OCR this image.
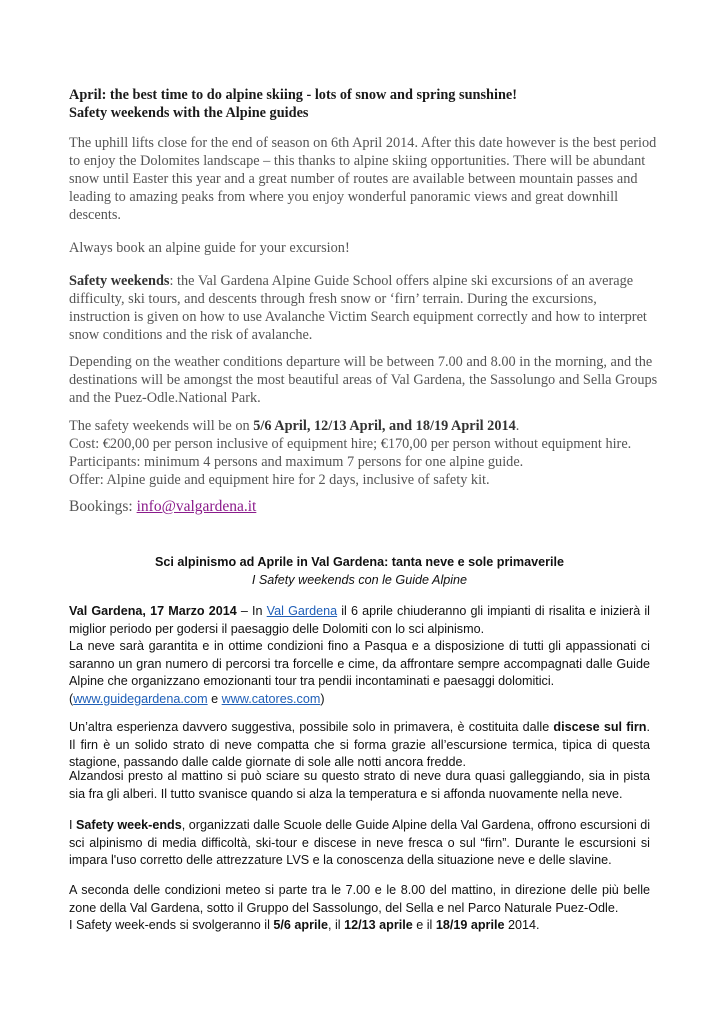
April: the best time to do alpine skiing - lots of snow and spring sunshine!
Safety weekends with the Alpine guides

The uphill lifts close for the end of season on 6th April 2014. After this date however is the best period to enjoy the Dolomites landscape – this thanks to alpine skiing opportunities. There will be abundant snow until Easter this year and a great number of routes are available between mountain passes and leading to amazing peaks from where you enjoy wonderful panoramic views and great downhill descents.

Always book an alpine guide for your excursion!

Safety weekends: the Val Gardena Alpine Guide School offers alpine ski excursions of an average difficulty, ski tours, and descents through fresh snow or ‘firn’ terrain. During the excursions, instruction is given on how to use Avalanche Victim Search equipment correctly and how to interpret snow conditions and the risk of avalanche.

Depending on the weather conditions departure will be between 7.00 and 8.00 in the morning, and the destinations will be amongst the most beautiful areas of Val Gardena, the Sassolungo and Sella Groups and the Puez-Odle.National Park.

The safety weekends will be on 5/6 April, 12/13 April, and 18/19 April 2014.
Cost: €200,00 per person inclusive of equipment hire; €170,00 per person without equipment hire.
Participants: minimum 4 persons and maximum 7 persons for one alpine guide.
Offer: Alpine guide and equipment hire for 2 days, inclusive of safety kit.

Bookings: info@valgardena.it

Sci alpinismo ad Aprile in Val Gardena: tanta neve e sole primaverile
I Safety weekends con le Guide Alpine

Val Gardena, 17 Marzo 2014 – In Val Gardena il 6 aprile chiuderanno gli impianti di risalita e inizierà il miglior periodo per godersi il paesaggio delle Dolomiti con lo sci alpinismo.

La neve sarà garantita e in ottime condizioni fino a Pasqua e a disposizione di tutti gli appassionati ci saranno un gran numero di percorsi tra forcelle e cime, da affrontare sempre accompagnati dalle Guide Alpine che organizzano emozionanti tour tra pendii incontaminati e paesaggi dolomitici.
(www.guidegardena.com e www.catores.com)

Un’altra esperienza davvero suggestiva, possibile solo in primavera, è costituita dalle discese sul firn. Il firn è un solido strato di neve compatta che si forma grazie all’escursione termica, tipica di questa stagione, passando dalle calde giornate di sole alle notti ancora fredde.

Alzandosi presto al mattino si può sciare su questo strato di neve dura quasi galleggiando, sia in pista sia fra gli alberi. Il tutto svanisce quando si alza la temperatura e si affonda nuovamente nella neve.

I Safety week-ends, organizzati dalle Scuole delle Guide Alpine della Val Gardena, offrono escursioni di sci alpinismo di media difficoltà, ski-tour e discese in neve fresca o sul “firn”. Durante le escursioni si impara l'uso corretto delle attrezzature LVS e la conoscenza della situazione neve e delle slavine.

A seconda delle condizioni meteo si parte tra le 7.00 e le 8.00 del mattino, in direzione delle più belle zone della Val Gardena, sotto il Gruppo del Sassolungo, del Sella e nel Parco Naturale Puez-Odle.
I Safety week-ends si svolgeranno il 5/6 aprile, il 12/13 aprile e il 18/19 aprile 2014.
